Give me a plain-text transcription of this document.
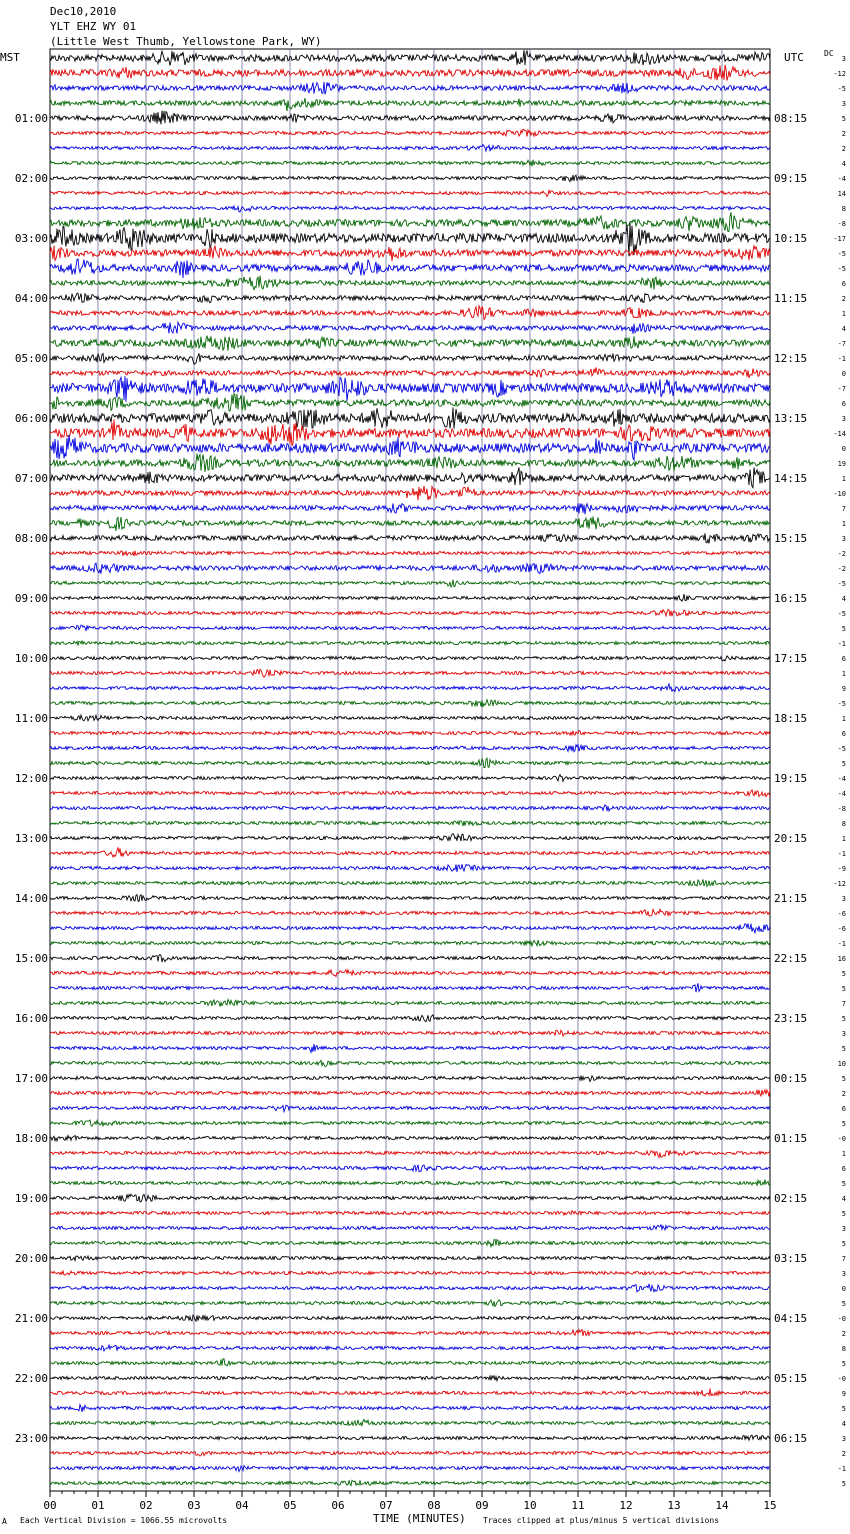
Dec10,2010
YLT EHZ WY 01
(Little West Thumb, Yellowstone Park, WY)
MST	UTC	DC
00	01	02	03	04	05	06	07	08	09	10	11	12	13	14	15
3
-12
-5
3
5
2
2
4
-4
14
8
-8
-17
-5
-5
6
2
1
4
-7
-1
0
-7
6
3
-14
0
19
1
-10
7
1
3
-2
-2
-5
4
-5
5
-1
6
1
9
-5
1
6
-5
5
-4
-4
-8
8
1
-1
-9
-12
3
-6
-6
-1
16
5
5
7
5
3
5
10
5
2
6
5
-0
1
6
5
4
5
3
5
7
3
0
5
-0
2
8
5
-0
9
5
4
3
2
-1
5
01:00	08:15
02:00	09:15
03:00	10:15
04:00	11:15
05:00	12:15
06:00	13:15
07:00	14:15
08:00	15:15
09:00	16:15
10:00	17:15
11:00	18:15
12:00	19:15
13:00	20:15
14:00	21:15
15:00	22:15
16:00	23:15
17:00	00:15
18:00	01:15
19:00	02:15
20:00	03:15
21:00	04:15
22:00	05:15
23:00	06:15
A Each Vertical Division = 1066.55 microvolts	TIME (MINUTES) Traces clipped at plus/minus 5 vertical divisions
